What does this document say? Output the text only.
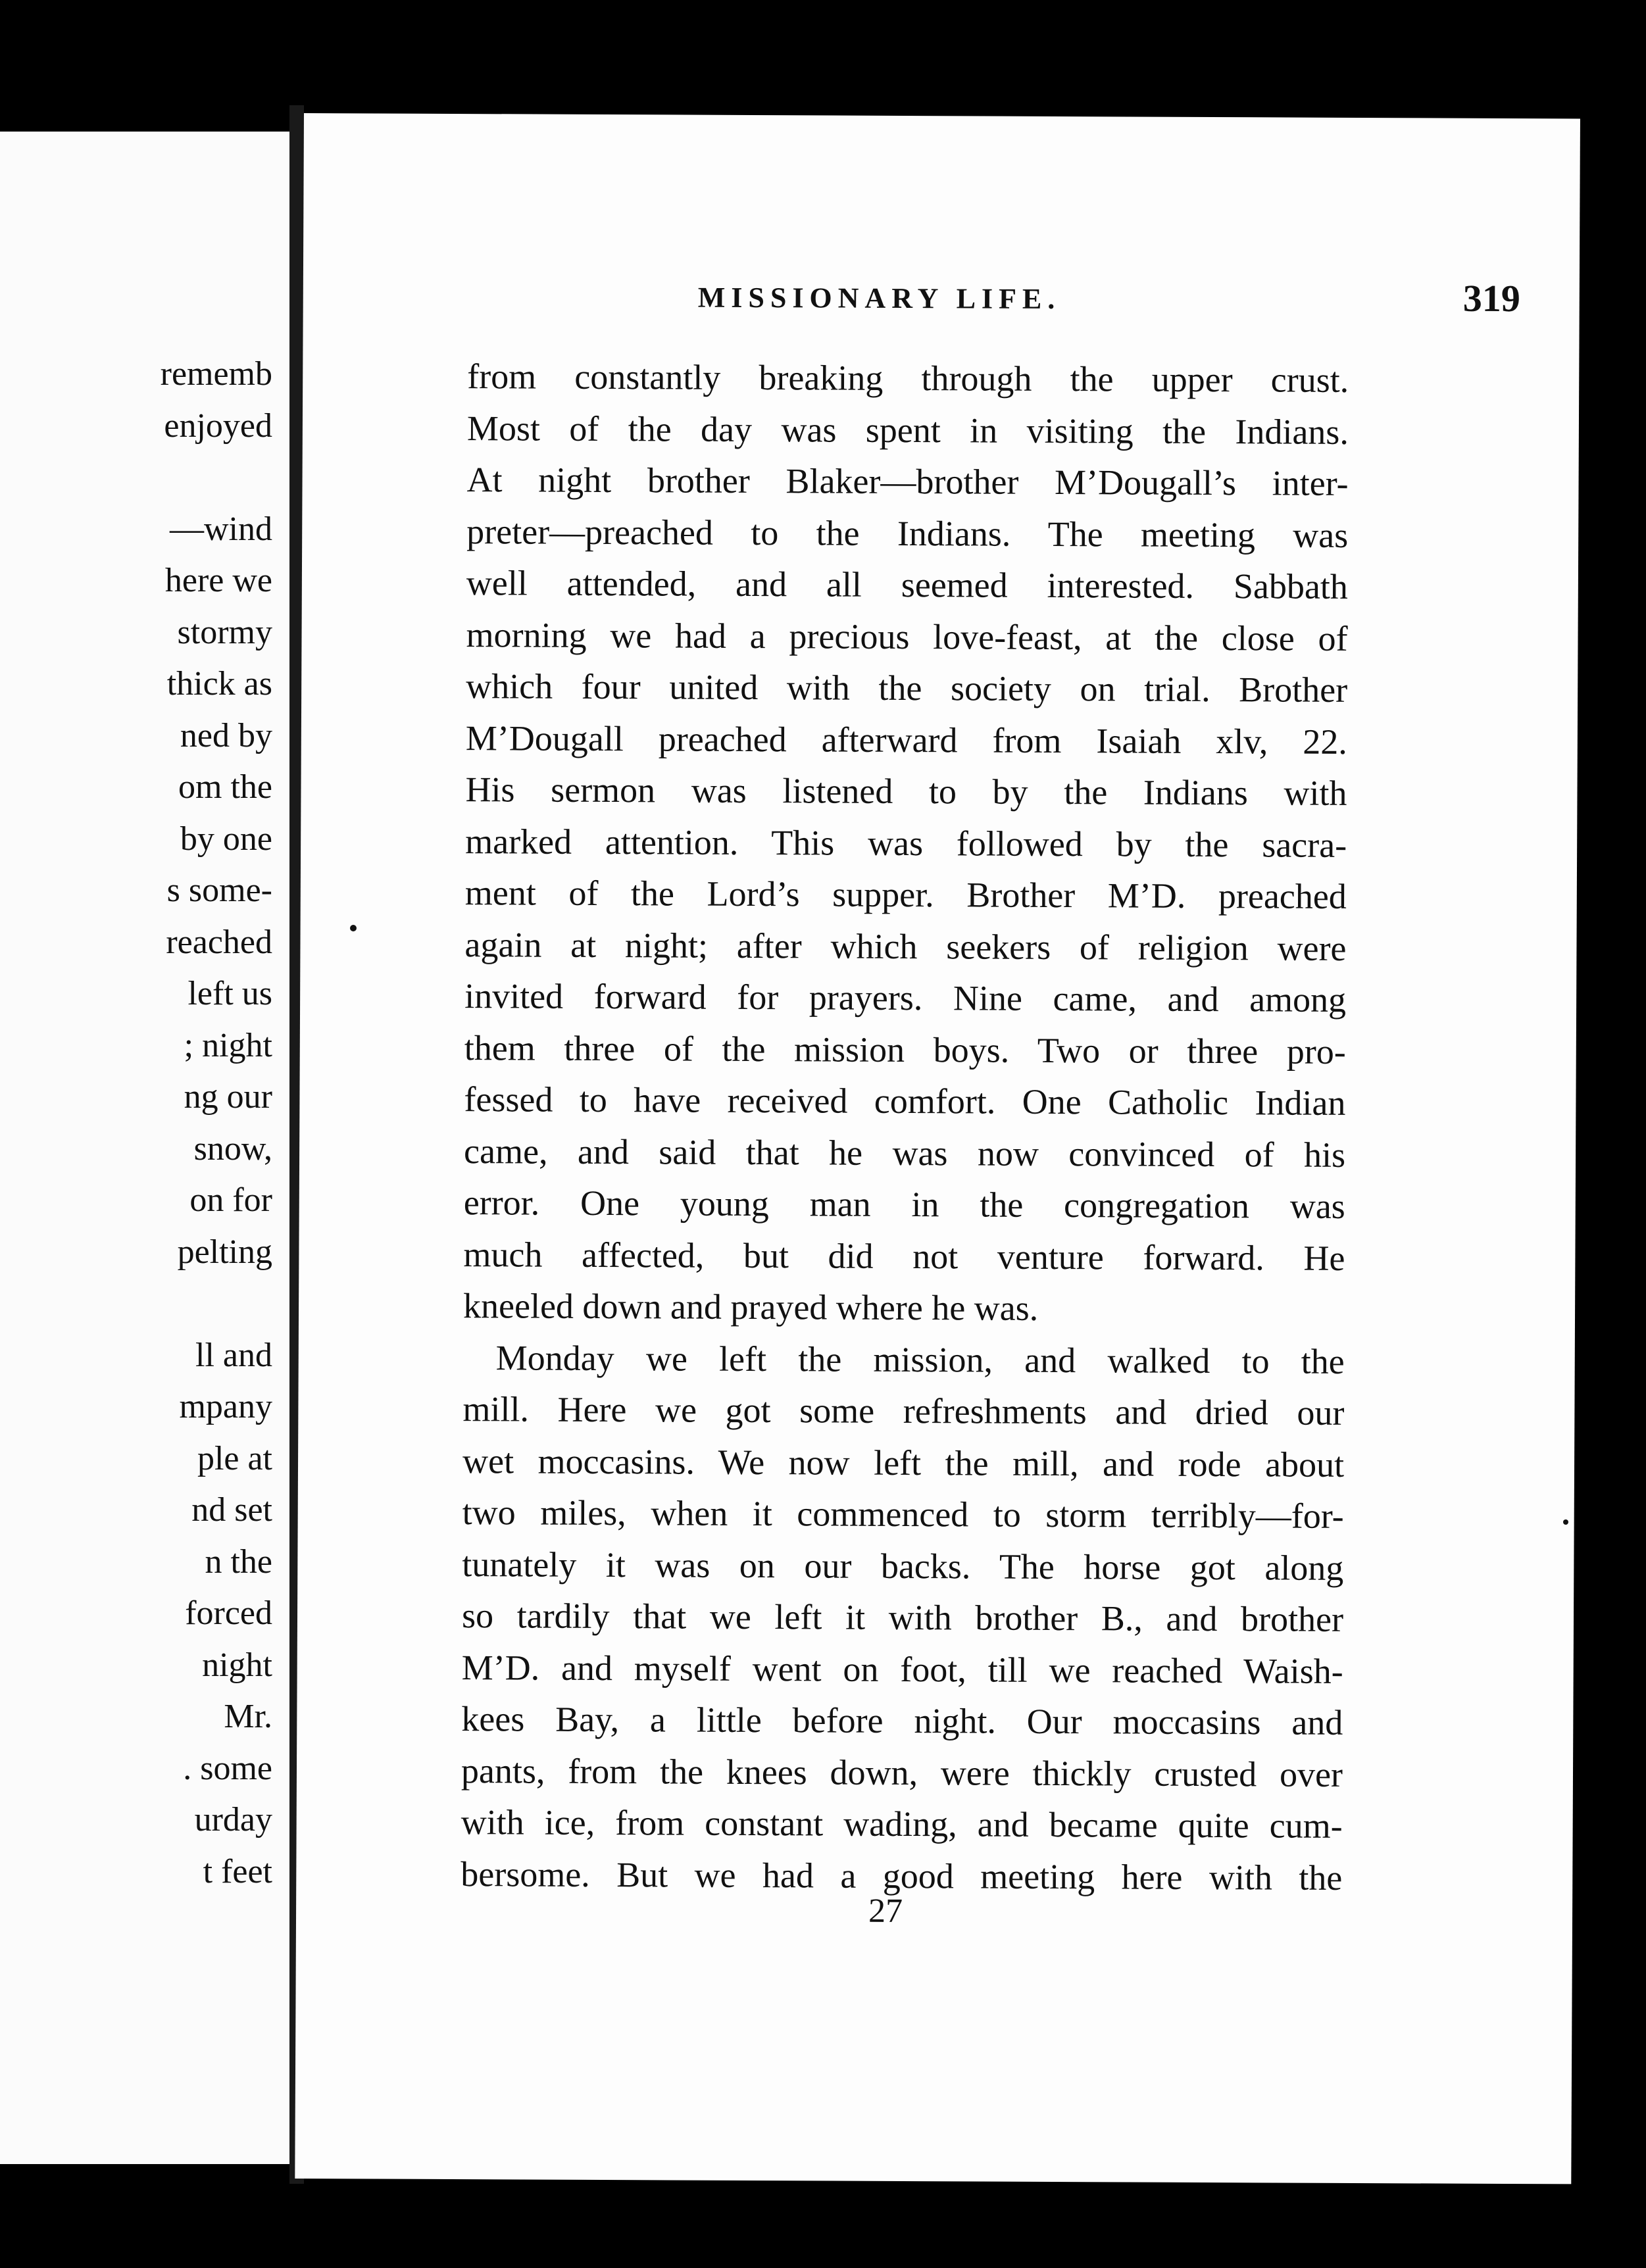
rememb
enjoyed
—wind
here we
stormy
thick as
ned by
om the
by one
s some-
reached
left us
; night
ng our
snow,
on for
pelting
ll and
mpany
ple at
nd set
n the
forced
night
Mr.
. some
urday
t feet
MISSIONARY LIFE.	319
from constantly breaking through the upper crust.
Most of the day was spent in visiting the Indians.
At night brother Blaker—brother M’Dougall’s inter-
preter—preached to the Indians. The meeting was
well attended, and all seemed interested. Sabbath
morning we had a precious love-feast, at the close of
which four united with the society on trial. Brother
M’Dougall preached afterward from Isaiah xlv, 22.
His sermon was listened to by the Indians with
marked attention. This was followed by the sacra-
ment of the Lord’s supper. Brother M’D. preached
again at night; after which seekers of religion were
invited forward for prayers. Nine came, and among
them three of the mission boys. Two or three pro-
fessed to have received comfort. One Catholic Indian
came, and said that he was now convinced of his
error. One young man in the congregation was
much affected, but did not venture forward. He
kneeled down and prayed where he was.
Monday we left the mission, and walked to the
mill. Here we got some refreshments and dried our
wet moccasins. We now left the mill, and rode about
two miles, when it commenced to storm terribly—for-
tunately it was on our backs. The horse got along
so tardily that we left it with brother B., and brother
M’D. and myself went on foot, till we reached Waish-
kees Bay, a little before night. Our moccasins and
pants, from the knees down, were thickly crusted over
with ice, from constant wading, and became quite cum-
bersome. But we had a good meeting here with the
27
